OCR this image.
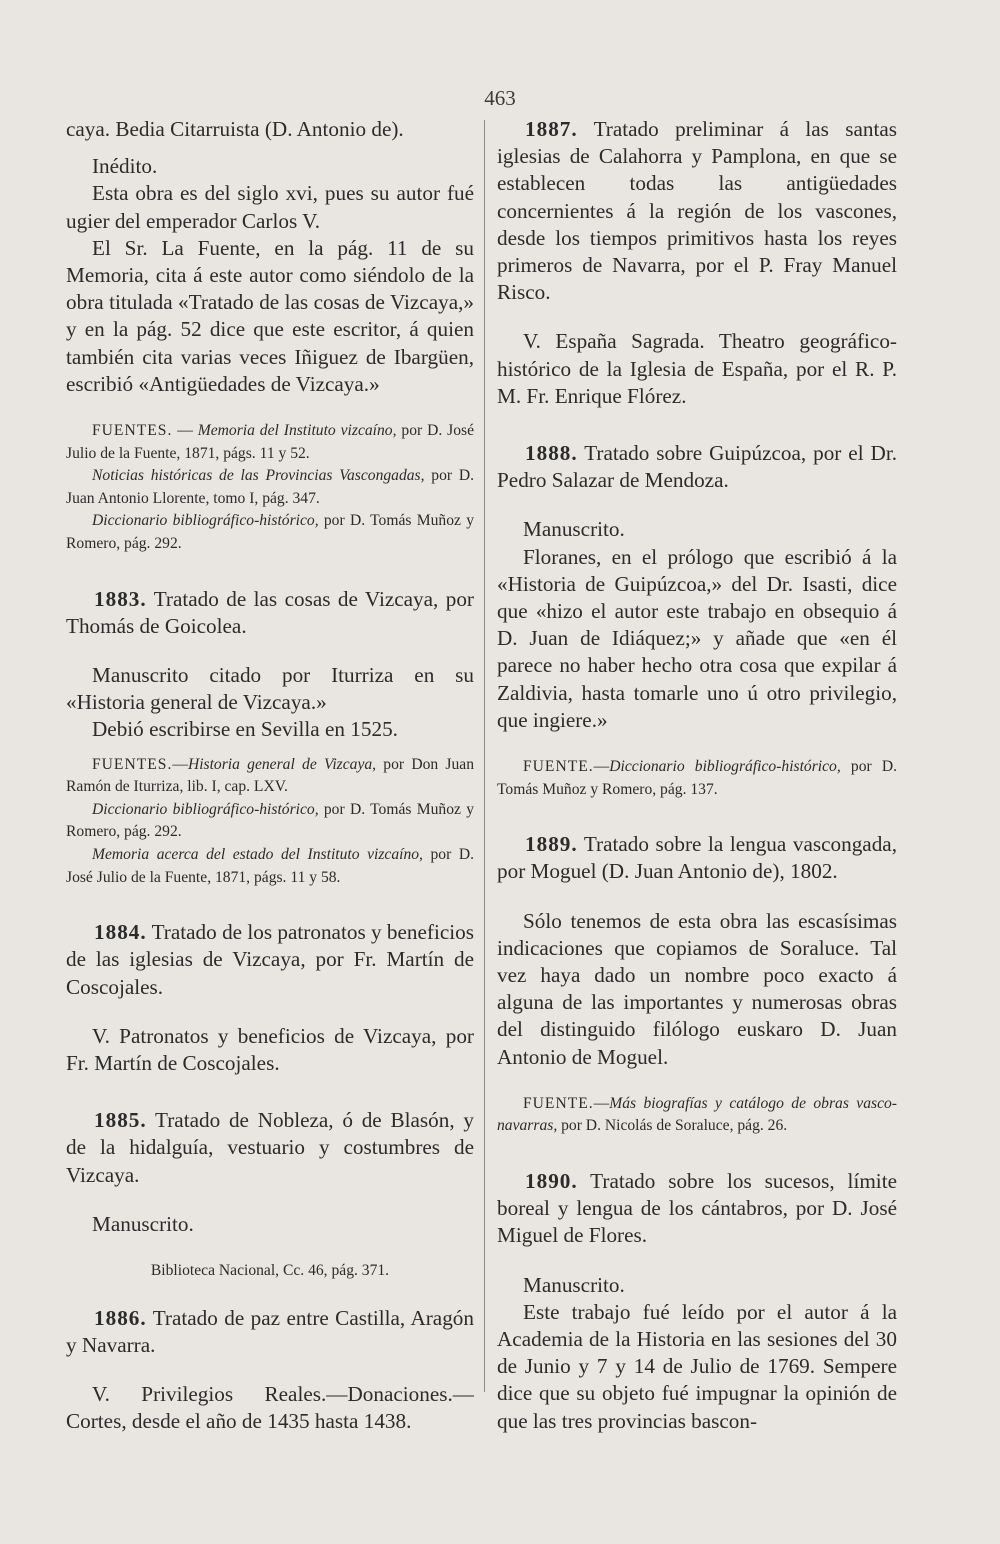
463

caya. Bedia Citarruista (D. Antonio de).

Inédito.

Esta obra es del siglo xvi, pues su autor fué ugier del emperador Carlos V.

El Sr. La Fuente, en la pág. 11 de su Memoria, cita á este autor como siéndolo de la obra titulada «Tratado de las cosas de Vizcaya,» y en la pág. 52 dice que este escritor, á quien también cita varias veces Iñiguez de Ibargüen, escribió «Antigüedades de Vizcaya.»

FUENTES. — Memoria del Instituto vizcaíno, por D. José Julio de la Fuente, 1871, págs. 11 y 52.

Noticias históricas de las Provincias Vascongadas, por D. Juan Antonio Llorente, tomo I, pág. 347.

Diccionario bibliográfico-histórico, por D. Tomás Muñoz y Romero, pág. 292.

1883. Tratado de las cosas de Vizcaya, por Thomás de Goicolea.

Manuscrito citado por Iturriza en su «Historia general de Vizcaya.»

Debió escribirse en Sevilla en 1525.

FUENTES.—Historia general de Vizcaya, por Don Juan Ramón de Iturriza, lib. I, cap. LXV.

Diccionario bibliográfico-histórico, por D. Tomás Muñoz y Romero, pág. 292.

Memoria acerca del estado del Instituto vizcaíno, por D. José Julio de la Fuente, 1871, págs. 11 y 58.

1884. Tratado de los patronatos y beneficios de las iglesias de Vizcaya, por Fr. Martín de Coscojales.

V. Patronatos y beneficios de Vizcaya, por Fr. Martín de Coscojales.

1885. Tratado de Nobleza, ó de Blasón, y de la hidalguía, vestuario y costumbres de Vizcaya.

Manuscrito.

Biblioteca Nacional, Cc. 46, pág. 371.

1886. Tratado de paz entre Castilla, Aragón y Navarra.

V. Privilegios Reales.—Donaciones.—Cortes, desde el año de 1435 hasta 1438.

1887. Tratado preliminar á las santas iglesias de Calahorra y Pamplona, en que se establecen todas las antigüedades concernientes á la región de los vascones, desde los tiempos primitivos hasta los reyes primeros de Navarra, por el P. Fray Manuel Risco.

V. España Sagrada. Theatro geográfico-histórico de la Iglesia de España, por el R. P. M. Fr. Enrique Flórez.

1888. Tratado sobre Guipúzcoa, por el Dr. Pedro Salazar de Mendoza.

Manuscrito.

Floranes, en el prólogo que escribió á la «Historia de Guipúzcoa,» del Dr. Isasti, dice que «hizo el autor este trabajo en obsequio á D. Juan de Idiáquez;» y añade que «en él parece no haber hecho otra cosa que expilar á Zaldivia, hasta tomarle uno ú otro privilegio, que ingiere.»

FUENTE.—Diccionario bibliográfico-histórico, por D. Tomás Muñoz y Romero, pág. 137.

1889. Tratado sobre la lengua vascongada, por Moguel (D. Juan Antonio de), 1802.

Sólo tenemos de esta obra las escasísimas indicaciones que copiamos de Soraluce. Tal vez haya dado un nombre poco exacto á alguna de las importantes y numerosas obras del distinguido filólogo euskaro D. Juan Antonio de Moguel.

FUENTE.—Más biografías y catálogo de obras vasco-navarras, por D. Nicolás de Soraluce, pág. 26.

1890. Tratado sobre los sucesos, límite boreal y lengua de los cántabros, por D. José Miguel de Flores.

Manuscrito.

Este trabajo fué leído por el autor á la Academia de la Historia en las sesiones del 30 de Junio y 7 y 14 de Julio de 1769. Sempere dice que su objeto fué impugnar la opinión de que las tres provincias bascon-
